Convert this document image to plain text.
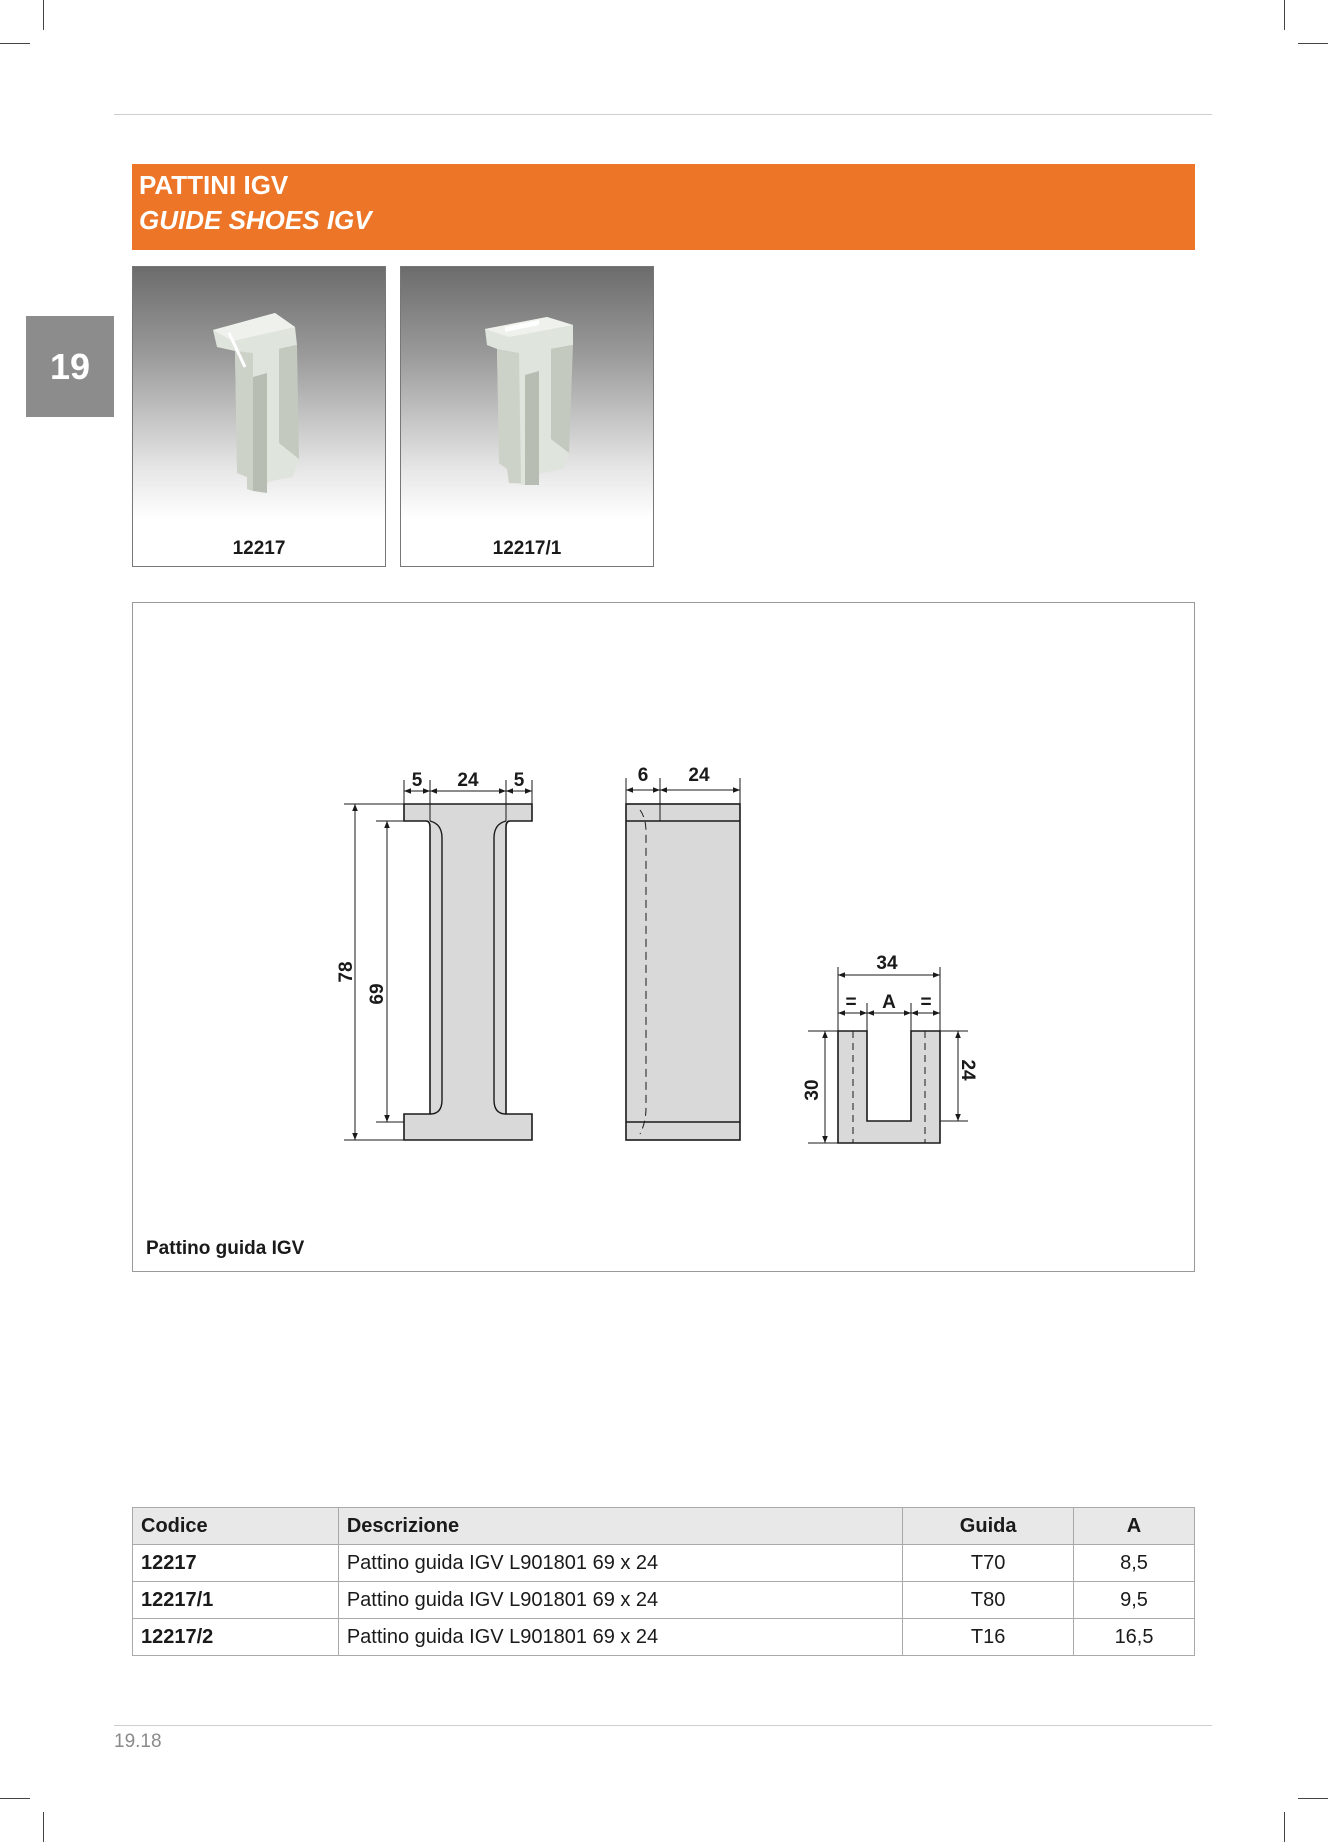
PATTINI IGV
GUIDE SHOES IGV
19
12217	12217/1
5 24 5
78
69
6 24
34
= A =
30
24
Pattino guida IGV
Codice	Descrizione	Guida	A
12217	Pattino guida IGV L901801 69 x 24	T70	8,5
12217/1	Pattino guida IGV L901801 69 x 24	T80	9,5
12217/2	Pattino guida IGV L901801 69 x 24	T16	16,5
19.18
